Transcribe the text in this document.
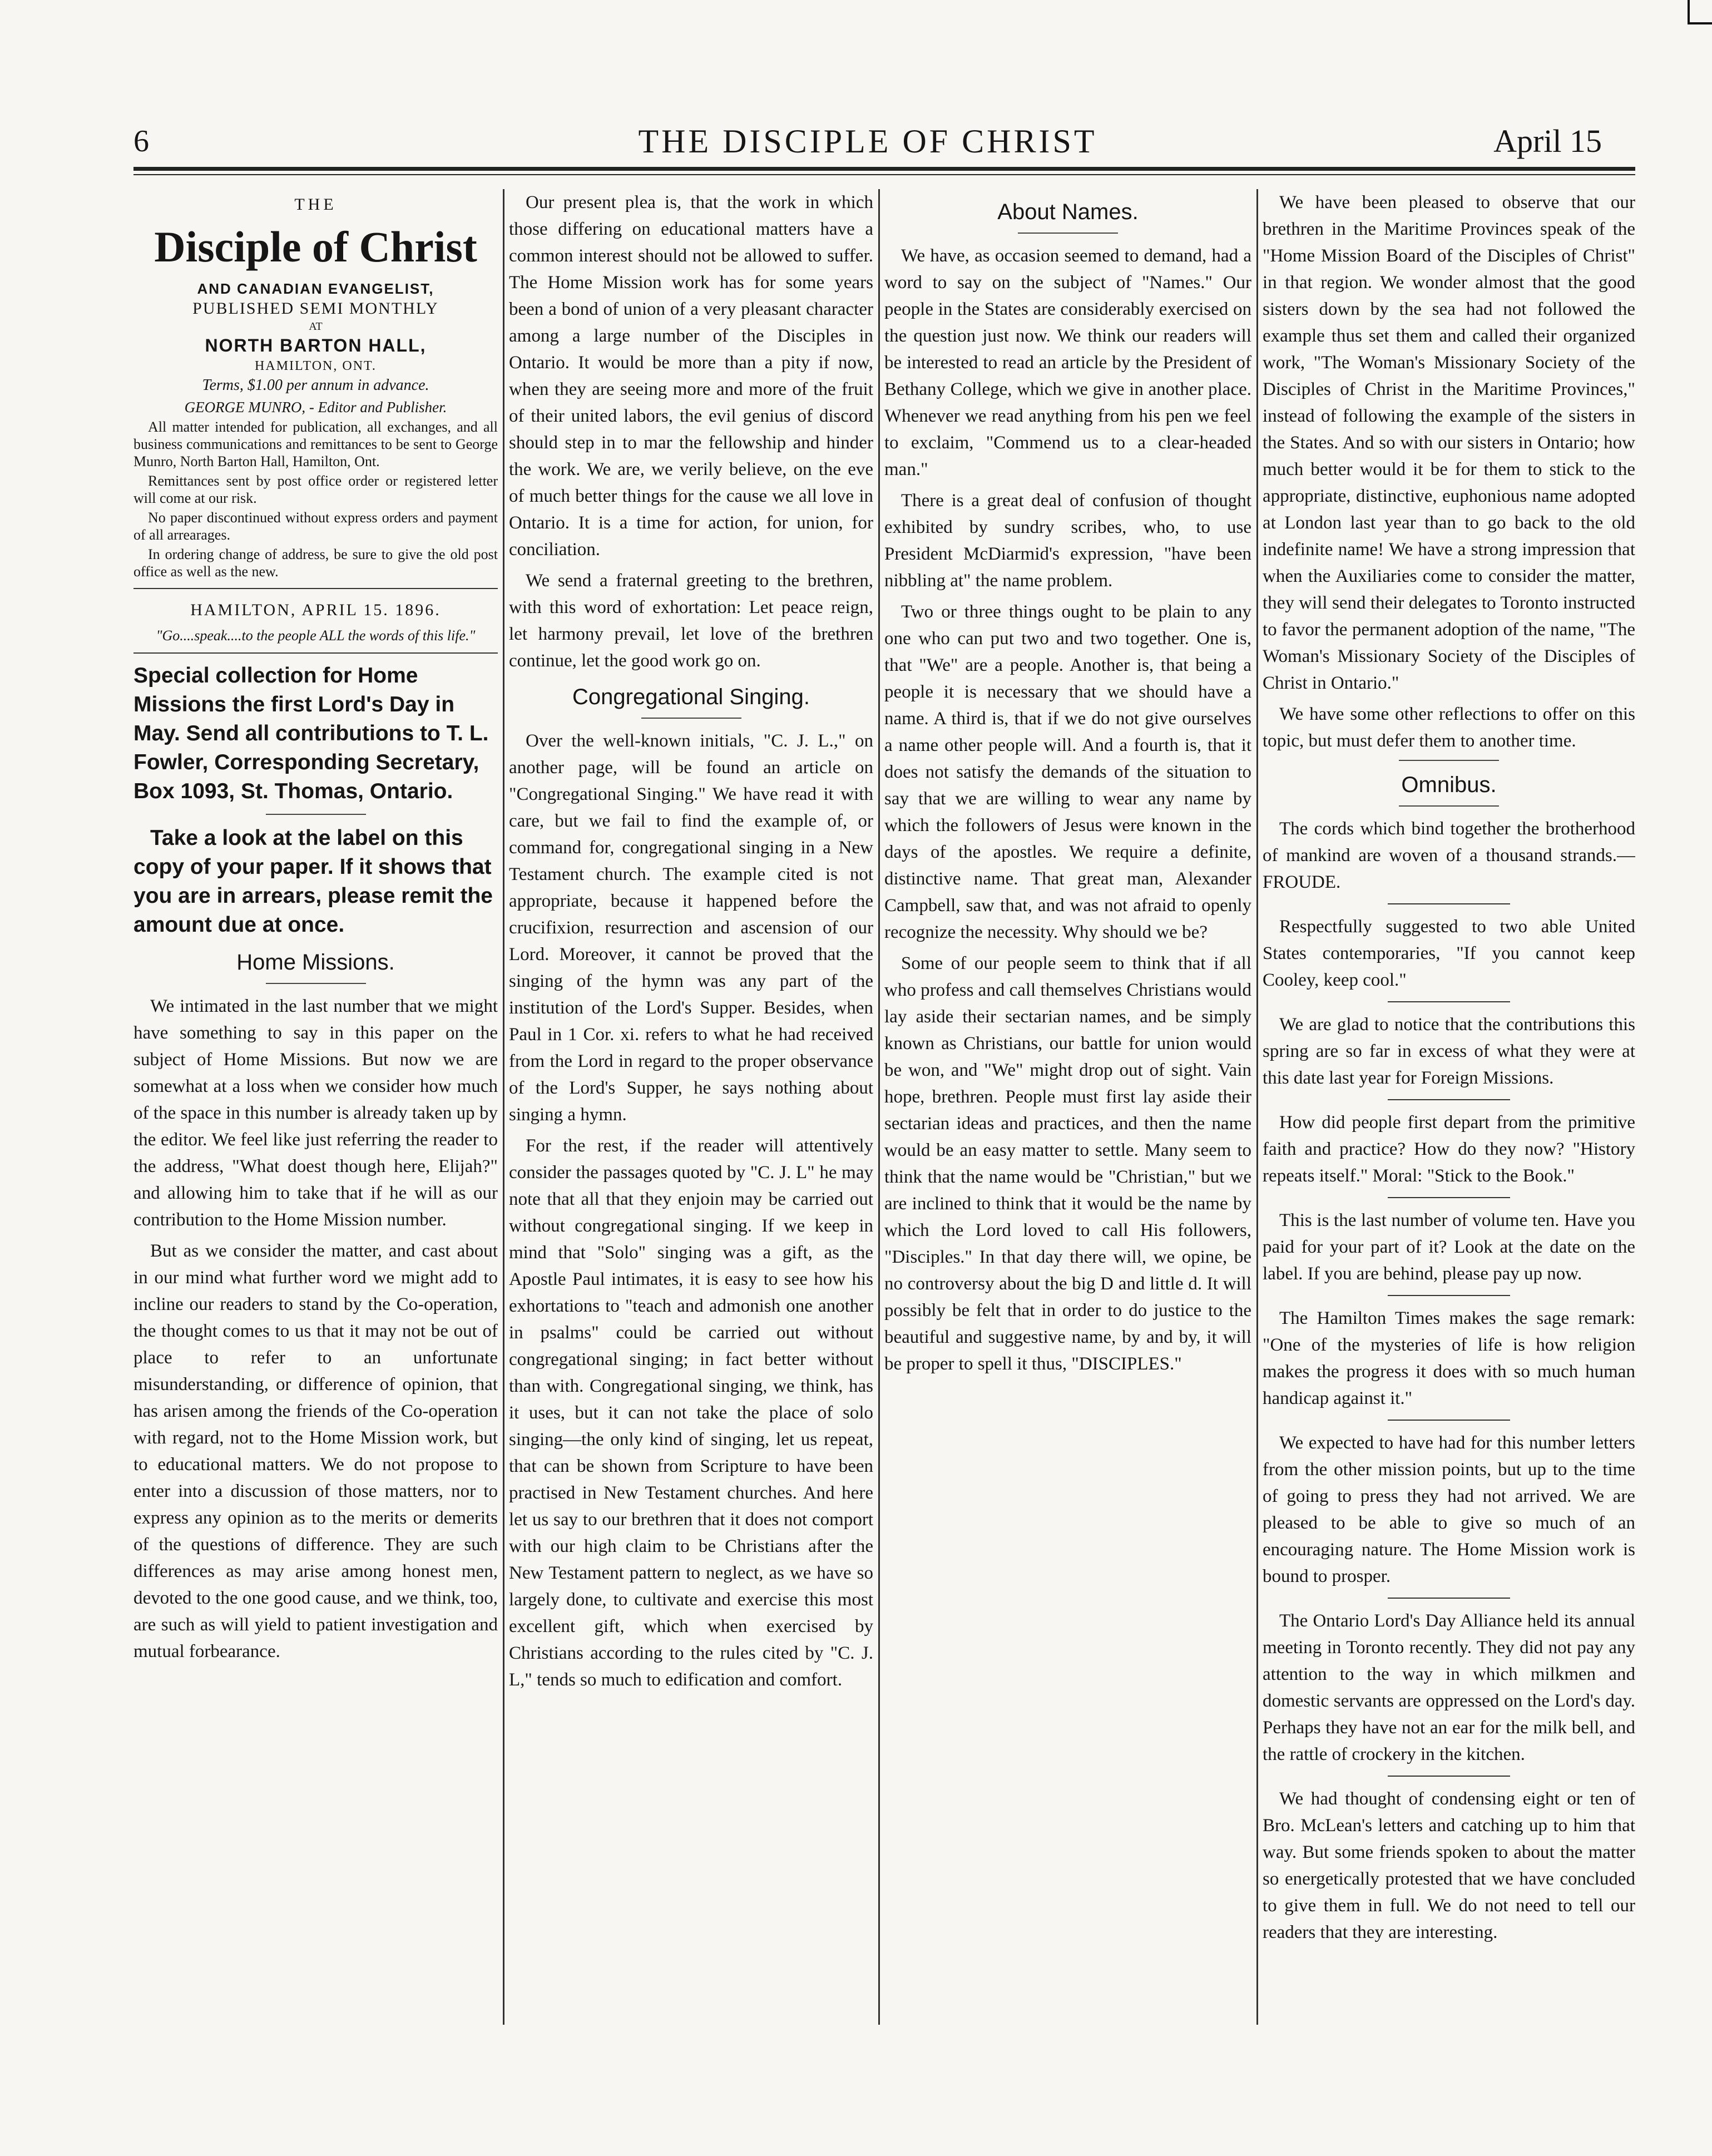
6	THE DISCIPLE OF CHRIST	April 15
THE
Disciple of Christ
AND CANADIAN EVANGELIST,
PUBLISHED SEMI MONTHLY
AT
NORTH BARTON HALL,
HAMILTON, ONT.
Terms, $1.00 per annum in advance.
GEORGE MUNRO, - Editor and Publisher.

All matter intended for publication, all exchanges, and all business communications and remittances to be sent to George Munro, North Barton Hall, Hamilton, Ont.

Remittances sent by post office order or registered letter will come at our risk.

No paper discontinued without express orders and payment of all arrearages.

In ordering change of address, be sure to give the old post office as well as the new.

HAMILTON, APRIL 15. 1896.
"Go....speak....to the people ALL the words of this life."

Special collection for Home Missions the first Lord's Day in May. Send all contributions to T. L. Fowler, Corresponding Secretary, Box 1093, St. Thomas, Ontario.

Take a look at the label on this copy of your paper. If it shows that you are in arrears, please remit the amount due at once.

Home Missions.

We intimated in the last number that we might have something to say in this paper on the subject of Home Missions. But now we are somewhat at a loss when we consider how much of the space in this number is already taken up by the editor. We feel like just referring the reader to the address, "What doest though here, Elijah?" and allowing him to take that if he will as our contribution to the Home Mission number.

But as we consider the matter, and cast about in our mind what further word we might add to incline our readers to stand by the Co-operation, the thought comes to us that it may not be out of place to refer to an unfortunate misunderstanding, or difference of opinion, that has arisen among the friends of the Co-operation with regard, not to the Home Mission work, but to educational matters. We do not propose to enter into a discussion of those matters, nor to express any opinion as to the merits or demerits of the questions of difference. They are such differences as may arise among honest men, devoted to the one good cause, and we think, too, are such as will yield to patient investigation and mutual forbearance.

Our present plea is, that the work in which those differing on educational matters have a common interest should not be allowed to suffer. The Home Mission work has for some years been a bond of union of a very pleasant character among a large number of the Disciples in Ontario. It would be more than a pity if now, when they are seeing more and more of the fruit of their united labors, the evil genius of discord should step in to mar the fellowship and hinder the work. We are, we verily believe, on the eve of much better things for the cause we all love in Ontario. It is a time for action, for union, for conciliation.

We send a fraternal greeting to the brethren, with this word of exhortation: Let peace reign, let harmony prevail, let love of the brethren continue, let the good work go on.

Congregational Singing.

Over the well-known initials, "C. J. L.," on another page, will be found an article on "Congregational Singing." We have read it with care, but we fail to find the example of, or command for, congregational singing in a New Testament church. The example cited is not appropriate, because it happened before the crucifixion, resurrection and ascension of our Lord. Moreover, it cannot be proved that the singing of the hymn was any part of the institution of the Lord's Supper. Besides, when Paul in 1 Cor. xi. refers to what he had received from the Lord in regard to the proper observance of the Lord's Supper, he says nothing about singing a hymn.

For the rest, if the reader will attentively consider the passages quoted by "C. J. L" he may note that all that they enjoin may be carried out without congregational singing. If we keep in mind that "Solo" singing was a gift, as the Apostle Paul intimates, it is easy to see how his exhortations to "teach and admonish one another in psalms" could be carried out without congregational singing; in fact better without than with. Congregational singing, we think, has it uses, but it can not take the place of solo singing—the only kind of singing, let us repeat, that can be shown from Scripture to have been practised in New Testament churches. And here let us say to our brethren that it does not comport with our high claim to be Christians after the New Testament pattern to neglect, as we have so largely done, to cultivate and exercise this most excellent gift, which when exercised by Christians according to the rules cited by "C. J. L," tends so much to edification and comfort.

About Names.

We have, as occasion seemed to demand, had a word to say on the subject of "Names." Our people in the States are considerably exercised on the question just now. We think our readers will be interested to read an article by the President of Bethany College, which we give in another place. Whenever we read anything from his pen we feel to exclaim, "Commend us to a clear-headed man."

There is a great deal of confusion of thought exhibited by sundry scribes, who, to use President McDiarmid's expression, "have been nibbling at" the name problem.

Two or three things ought to be plain to any one who can put two and two together. One is, that "We" are a people. Another is, that being a people it is necessary that we should have a name. A third is, that if we do not give ourselves a name other people will. And a fourth is, that it does not satisfy the demands of the situation to say that we are willing to wear any name by which the followers of Jesus were known in the days of the apostles. We require a definite, distinctive name. That great man, Alexander Campbell, saw that, and was not afraid to openly recognize the necessity. Why should we be?

Some of our people seem to think that if all who profess and call themselves Christians would lay aside their sectarian names, and be simply known as Christians, our battle for union would be won, and "We" might drop out of sight. Vain hope, brethren. People must first lay aside their sectarian ideas and practices, and then the name would be an easy matter to settle. Many seem to think that the name would be "Christian," but we are inclined to think that it would be the name by which the Lord loved to call His followers, "Disciples." In that day there will, we opine, be no controversy about the big D and little d. It will possibly be felt that in order to do justice to the beautiful and suggestive name, by and by, it will be proper to spell it thus, "DISCIPLES."

We have been pleased to observe that our brethren in the Maritime Provinces speak of the "Home Mission Board of the Disciples of Christ" in that region. We wonder almost that the good sisters down by the sea had not followed the example thus set them and called their organized work, "The Woman's Missionary Society of the Disciples of Christ in the Maritime Provinces," instead of following the example of the sisters in the States. And so with our sisters in Ontario; how much better would it be for them to stick to the appropriate, distinctive, euphonious name adopted at London last year than to go back to the old indefinite name! We have a strong impression that when the Auxiliaries come to consider the matter, they will send their delegates to Toronto instructed to favor the permanent adoption of the name, "The Woman's Missionary Society of the Disciples of Christ in Ontario."

We have some other reflections to offer on this topic, but must defer them to another time.

Omnibus.

The cords which bind together the brotherhood of mankind are woven of a thousand strands.—FROUDE.

Respectfully suggested to two able United States contemporaries, "If you cannot keep Cooley, keep cool."

We are glad to notice that the contributions this spring are so far in excess of what they were at this date last year for Foreign Missions.

How did people first depart from the primitive faith and practice? How do they now? "History repeats itself." Moral: "Stick to the Book."

This is the last number of volume ten. Have you paid for your part of it? Look at the date on the label. If you are behind, please pay up now.

The Hamilton Times makes the sage remark: "One of the mysteries of life is how religion makes the progress it does with so much human handicap against it."

We expected to have had for this number letters from the other mission points, but up to the time of going to press they had not arrived. We are pleased to be able to give so much of an encouraging nature. The Home Mission work is bound to prosper.

The Ontario Lord's Day Alliance held its annual meeting in Toronto recently. They did not pay any attention to the way in which milkmen and domestic servants are oppressed on the Lord's day. Perhaps they have not an ear for the milk bell, and the rattle of crockery in the kitchen.

We had thought of condensing eight or ten of Bro. McLean's letters and catching up to him that way. But some friends spoken to about the matter so energetically protested that we have concluded to give them in full. We do not need to tell our readers that they are interesting.
